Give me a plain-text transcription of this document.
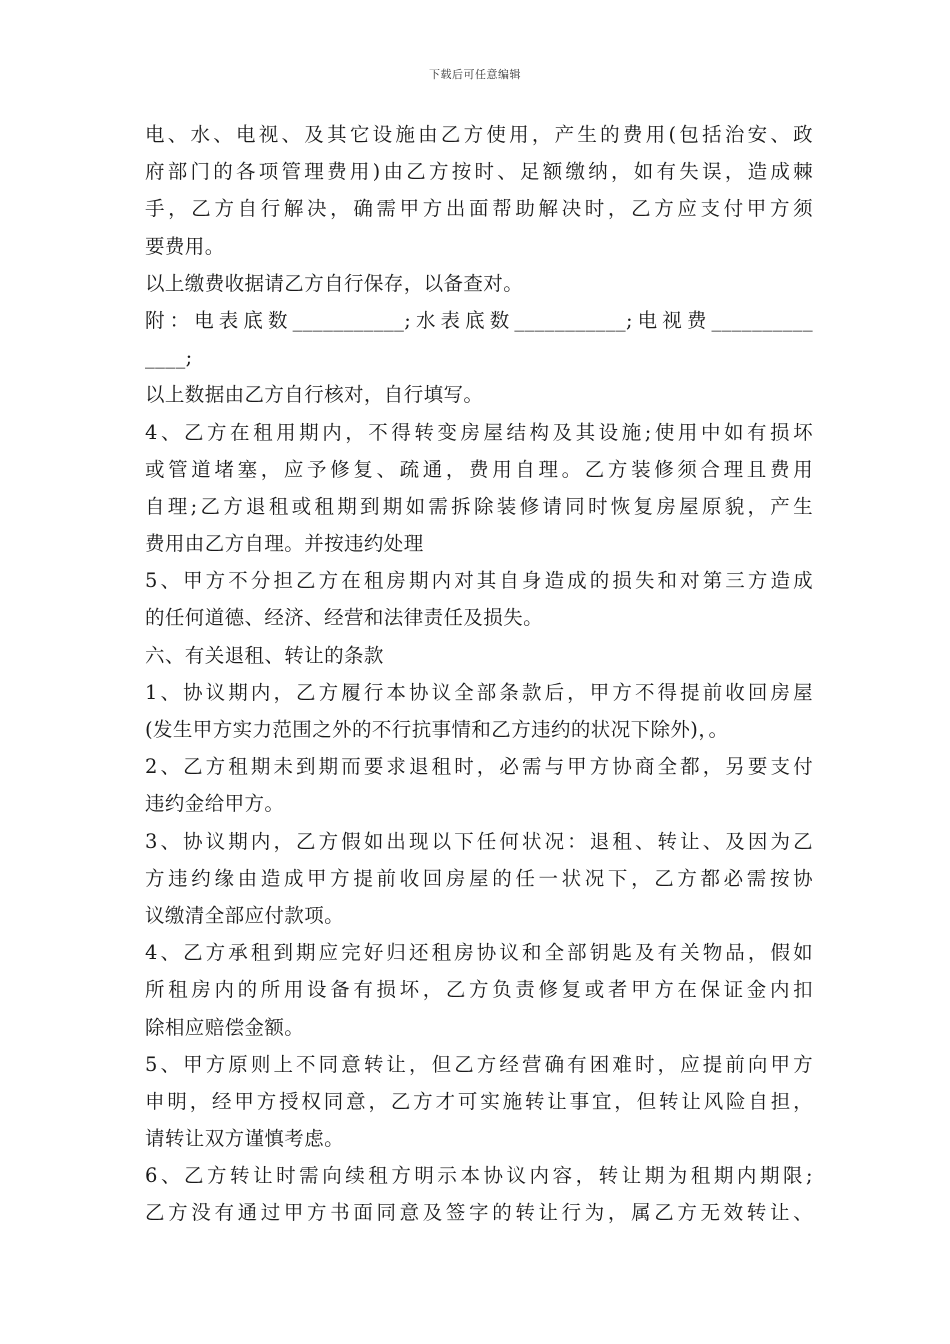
下载后可任意编辑
电、水、电视、及其它设施由乙方使用，产生的费用(包括治安、政
府部门的各项管理费用)由乙方按时、足额缴纳，如有失误，造成棘
手，乙方自行解决，确需甲方出面帮助解决时，乙方应支付甲方须
要费用。
以上缴费收据请乙方自行保存，以备查对。
附：电表底数___________;水表底数___________;电视费__________
____;
以上数据由乙方自行核对，自行填写。
4、乙方在租用期内，不得转变房屋结构及其设施;使用中如有损坏
或管道堵塞，应予修复、疏通，费用自理。乙方装修须合理且费用
自理;乙方退租或租期到期如需拆除装修请同时恢复房屋原貌，产生
费用由乙方自理。并按违约处理
5、甲方不分担乙方在租房期内对其自身造成的损失和对第三方造成
的任何道德、经济、经营和法律责任及损失。
六、有关退租、转让的条款
1、协议期内，乙方履行本协议全部条款后，甲方不得提前收回房屋
(发生甲方实力范围之外的不行抗事情和乙方违约的状况下除外)，。
2、乙方租期未到期而要求退租时，必需与甲方协商全都，另要支付
违约金给甲方。
3、协议期内，乙方假如出现以下任何状况：退租、转让、及因为乙
方违约缘由造成甲方提前收回房屋的任一状况下，乙方都必需按协
议缴清全部应付款项。
4、乙方承租到期应完好归还租房协议和全部钥匙及有关物品，假如
所租房内的所用设备有损坏，乙方负责修复或者甲方在保证金内扣
除相应赔偿金额。
5、甲方原则上不同意转让，但乙方经营确有困难时，应提前向甲方
申明，经甲方授权同意，乙方才可实施转让事宜，但转让风险自担，
请转让双方谨慎考虑。
6、乙方转让时需向续租方明示本协议内容，转让期为租期内期限;
乙方没有通过甲方书面同意及签字的转让行为，属乙方无效转让、
